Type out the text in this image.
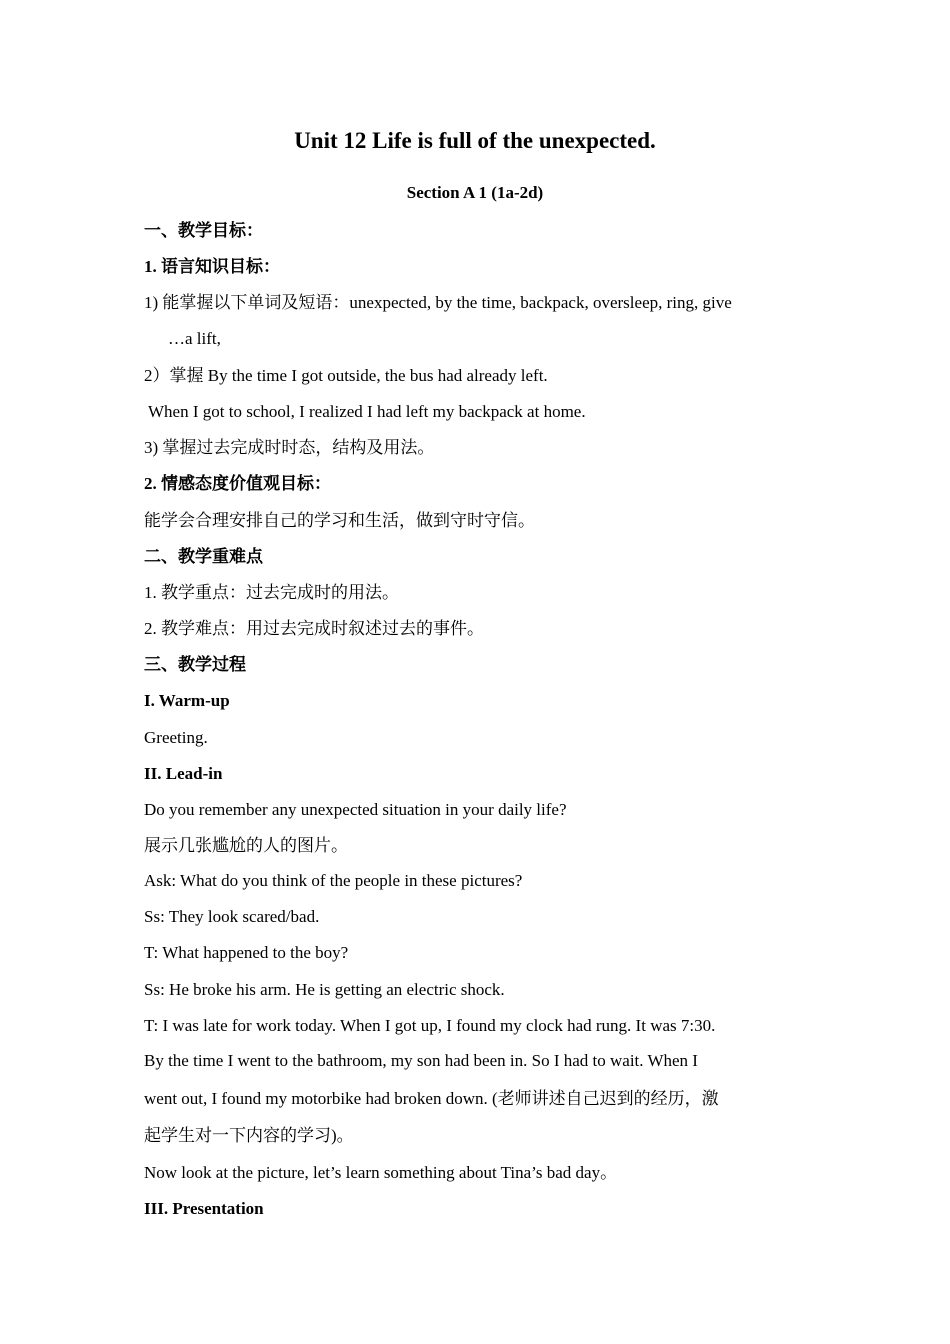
Unit 12 Life is full of the unexpected.
Section A 1 (1a-2d)
一、教学目标：
1. 语言知识目标：
1) 能掌握以下单词及短语：unexpected, by the time, backpack, oversleep, ring, give
…a lift,
2）掌握 By the time I got outside, the bus had already left.
When I got to school, I realized I had left my backpack at home.
3) 掌握过去完成时时态，结构及用法。
2. 情感态度价值观目标：
能学会合理安排自己的学习和生活，做到守时守信。
二、教学重难点
1. 教学重点：过去完成时的用法。
2. 教学难点：用过去完成时叙述过去的事件。
三、教学过程
I. Warm-up
Greeting.
II. Lead-in
Do you remember any unexpected situation in your daily life?
展示几张尴尬的人的图片。
Ask: What do you think of the people in these pictures?
Ss: They look scared/bad.
T: What happened to the boy?
Ss: He broke his arm. He is getting an electric shock.
T: I was late for work today. When I got up, I found my clock had rung. It was 7:30.
By the time I went to the bathroom, my son had been in. So I had to wait. When I
went out, I found my motorbike had broken down. (老师讲述自己迟到的经历，激
起学生对一下内容的学习)。
Now look at the picture, let’s learn something about Tina’s bad day。
III. Presentation
